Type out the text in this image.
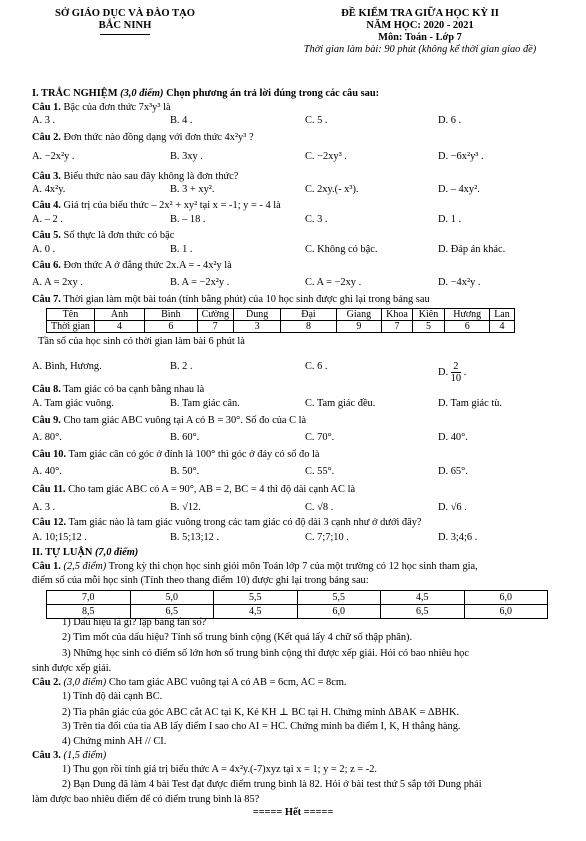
SỞ GIÁO DỤC VÀ ĐÀO TẠO
BẮC NINH
ĐỀ KIỂM TRA GIỮA HỌC KỲ II
NĂM HỌC: 2020 - 2021
Môn: Toán - Lớp 7
Thời gian làm bài: 90 phút (không kể thời gian giao đề)
I. TRẮC NGHIỆM (3,0 điểm) Chọn phương án trả lời đúng trong các câu sau:
Câu 1. Bậc của đơn thức 7x³y³ là
A. 3 .	B. 4 .	C. 5 .	D. 6 .
Câu 2. Đơn thức nào đồng dạng với đơn thức 4x²y³ ?
A. −2x²y .	B. 3xy .	C. −2xy³ .	D. −6x²y³ .
Câu 3. Biểu thức nào sau đây không là đơn thức?
A. 4x²y.	B. 3 + xy².	C. 2xy.(- x³).	D. – 4xy².
Câu 4. Giá trị của biểu thức – 2x² + xy² tại x = -1; y = - 4 là
A. – 2 .	B. – 18 .	C. 3 .	D. 1 .
Câu 5. Số thực là đơn thức có bậc
A. 0 .	B. 1 .	C. Không có bậc.	D. Đáp án khác.
Câu 6. Đơn thức A ở đẳng thức 2x.A = - 4x²y là
A. A = 2xy .	B. A = −2x²y .	C. A = −2xy .	D. −4x²y .
Câu 7. Thời gian làm một bài toán (tính bằng phút) của 10 học sinh được ghi lại trong bảng sau
Tên	Ánh	Bình	Cường	Dung	Đại	Giang	Khoa	Kiên	Hương	Lan
Thời gian	4	6	7	3	8	9	7	5	6	4
Tần số của học sinh có thời gian làm bài 6 phút là
A. Bình, Hương.	B. 2 .	C. 6 .
D. $\frac{2}{10}$ .
Câu 8. Tam giác có ba cạnh bằng nhau là
A. Tam giác vuông.	B. Tam giác cân.	C. Tam giác đều.	D. Tam giác tù.
Câu 9. Cho tam giác ABC vuông tại A có B = 30°. Số đo của C là
A. 80°.	B. 60°.	C. 70°.	D. 40°.
Câu 10. Tam giác cân có góc ở đỉnh là 100° thì góc ở đáy có số đo là
A. 40°.	B. 50°.	C. 55°.	D. 65°.
Câu 11. Cho tam giác ABC có A = 90°, AB = 2, BC = 4 thì độ dài cạnh AC là
A. 3 .	B. √12.	C. √8 .	D. √6 .
Câu 12. Tam giác nào là tam giác vuông trong các tam giác có độ dài 3 cạnh như ở dưới đây?
A. 10;15;12 .	B. 5;13;12 .	C. 7;7;10 .	D. 3;4;6 .
II. TỰ LUẬN (7,0 điểm)
Câu 1. (2,5 điểm) Trong kỳ thi chọn học sinh giỏi môn Toán lớp 7 của một trường có 12 học sinh tham gia,
điểm số của mỗi học sinh (Tính theo thang điểm 10) được ghi lại trong bảng sau:
7,0	5,0	5,5	5,5	4,5	6,0
8,5	6,5	4,5	6,0	6,5	6,0
1) Dấu hiệu là gì? lập bảng tần số?
2) Tìm mốt của dấu hiệu? Tính số trung bình cộng (Kết quả lấy 4 chữ số thập phân).
3) Những học sinh có điểm số lớn hơn số trung bình cộng thì được xếp giải. Hỏi có bao nhiêu học
sinh được xếp giải.
Câu 2. (3,0 điểm) Cho tam giác ABC vuông tại A có AB = 6cm, AC = 8cm.
1) Tính độ dài cạnh BC.
2) Tia phân giác của góc ABC cắt AC tại K, Kẻ KH ⊥ BC tại H. Chứng minh ΔBAK = ΔBHK.
3) Trên tia đối của tia AB lấy điểm I sao cho AI = HC. Chứng minh ba điểm I, K, H thẳng hàng.
4) Chứng minh AH // CI.
Câu 3. (1,5 điểm)
1) Thu gọn rồi tính giá trị biểu thức A = 4x²y.(-7)xyz tại x = 1; y = 2; z = -2.
2) Bạn Dung đã làm 4 bài Test đạt được điểm trung bình là 82. Hỏi ở bài test thứ 5 sắp tới Dung phải
làm được bao nhiêu điểm để có điểm trung bình là 85?
===== Hết =====
